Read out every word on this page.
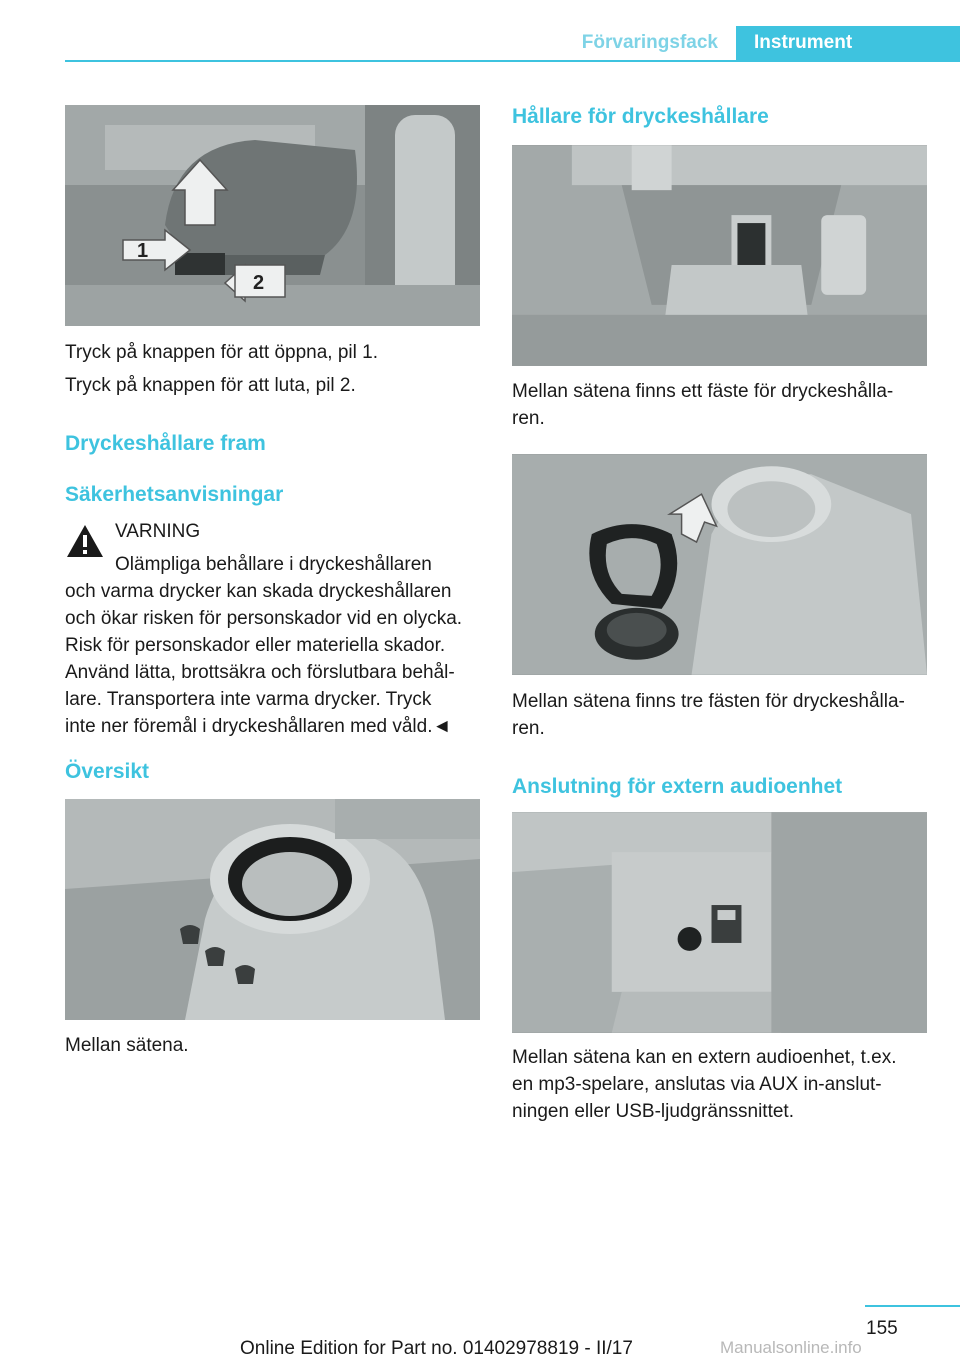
Förvaringsfack	Instrument
1
2

Tryck på knappen för att öppna, pil 1.

Tryck på knappen för att luta, pil 2.

Dryckeshållare fram
Säkerhetsanvisningar

VARNING

Olämpliga behållare i dryckeshållaren

och varma drycker kan skada dryckeshållaren

och ökar risken för personskador vid en olycka.

Risk för personskador eller materiella skador.

Använd lätta, brottsäkra och förslutbara behål-

lare. Transportera inte varma drycker. Tryck

inte ner föremål i dryckeshållaren med våld.◄

Översikt

Mellan sätena.

Hållare för dryckeshållare

Mellan sätena finns ett fäste för dryckeshålla-

ren.

Mellan sätena finns tre fästen för dryckeshålla-

ren.

Anslutning för extern audioenhet

Mellan sätena kan en extern audioenhet, t.ex.

en mp3-spelare, anslutas via AUX in-anslut-

ningen eller USB-ljudgränssnittet.

155
Online Edition for Part no. 01402978819 - II/17	Manualsonline.info
